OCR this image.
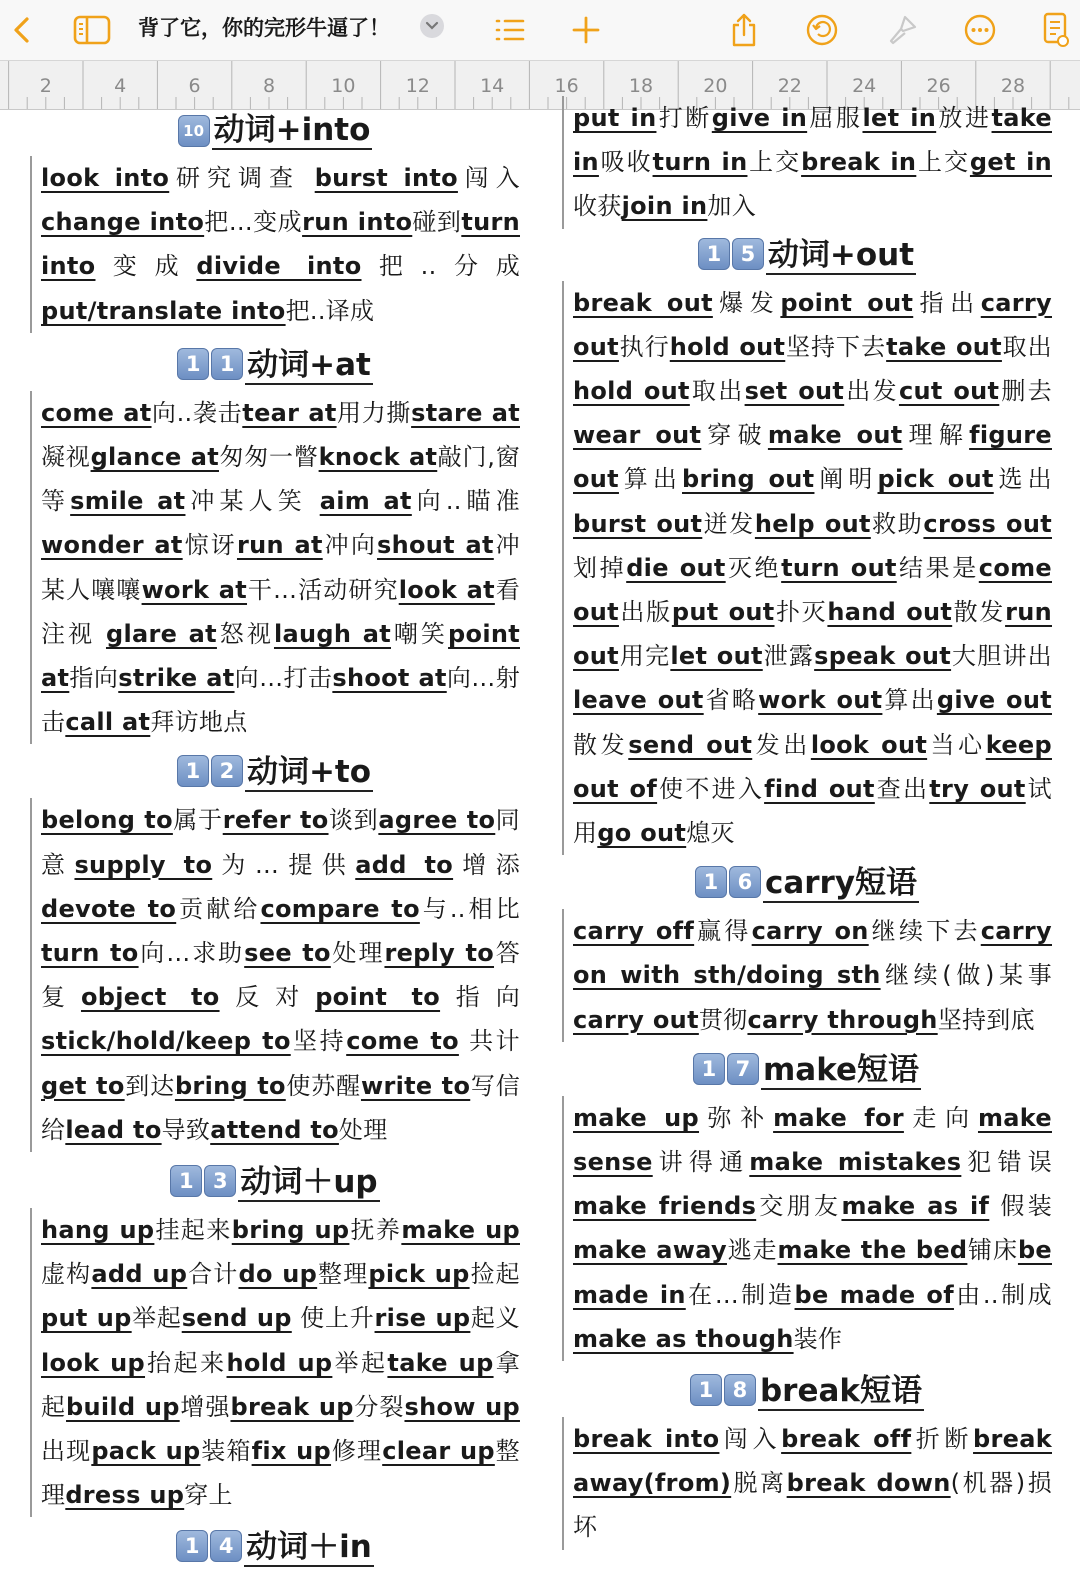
背了它，你的完形牛逼了！
2	4	6	8	10	12	14	16	18	20	22	24	26	28
10 动词+into
look into研究调查 burst into闯入change into把…变成run into碰到turn into变成divide into把..分成put/translate into把..译成
1 1 动词+at
come at向..袭击tear at用力撕stare at凝视glance at匆匆一瞥knock at敲门,窗等smile at冲某人笑 aim at向..瞄准wonder at惊讶run at冲向shout at冲某人嚷嚷work at干…活动研究look at看注视 glare at怒视laugh at嘲笑point at指向strike at向…打击shoot at向…射击call at拜访地点
1 2 动词+to
belong to属于refer to谈到agree to同意supply to为…提供add to增添devote to贡献给compare to与..相比turn to向…求助see to处理reply to答复object to反对point to指向stick/hold/keep to坚持come to 共计get to到达bring to使苏醒write to写信给lead to导致attend to处理
1 3 动词＋up
hang up挂起来bring up抚养make up虚构add up合计do up整理pick up捡起put up举起send up 使上升rise up起义look up抬起来hold up举起take up拿起build up增强break up分裂show up 出现pack up装箱fix up修理clear up整理dress up穿上
1 4 动词＋in
put in打断give in屈服let in放进take in吸收turn in上交break in上交get in收获join in加入
1 5 动词+out
break out爆发point out指出carry out执行hold out坚持下去take out取出hold out取出set out出发cut out删去wear out穿破make out理解figure out算出bring out阐明pick out选出burst out迸发help out救助cross out划掉die out灭绝turn out结果是come out出版put out扑灭hand out散发run out用完let out泄露speak out大胆讲出leave out省略work out算出give out散发send out发出look out当心keep out of使不进入find out查出try out试用go out熄灭
1 6 carry短语
carry off赢得carry on继续下去carry on with sth/doing sth继续(做)某事carry out贯彻carry through坚持到底
1 7 make短语
make up弥补make for走向make sense讲得通make mistakes犯错误make friends交朋友make as if 假装make away逃走make the bed铺床be made in在…制造be made of由..制成make as though装作
1 8 break短语
break into闯入break off折断break away(from)脱离break down(机器)损坏
